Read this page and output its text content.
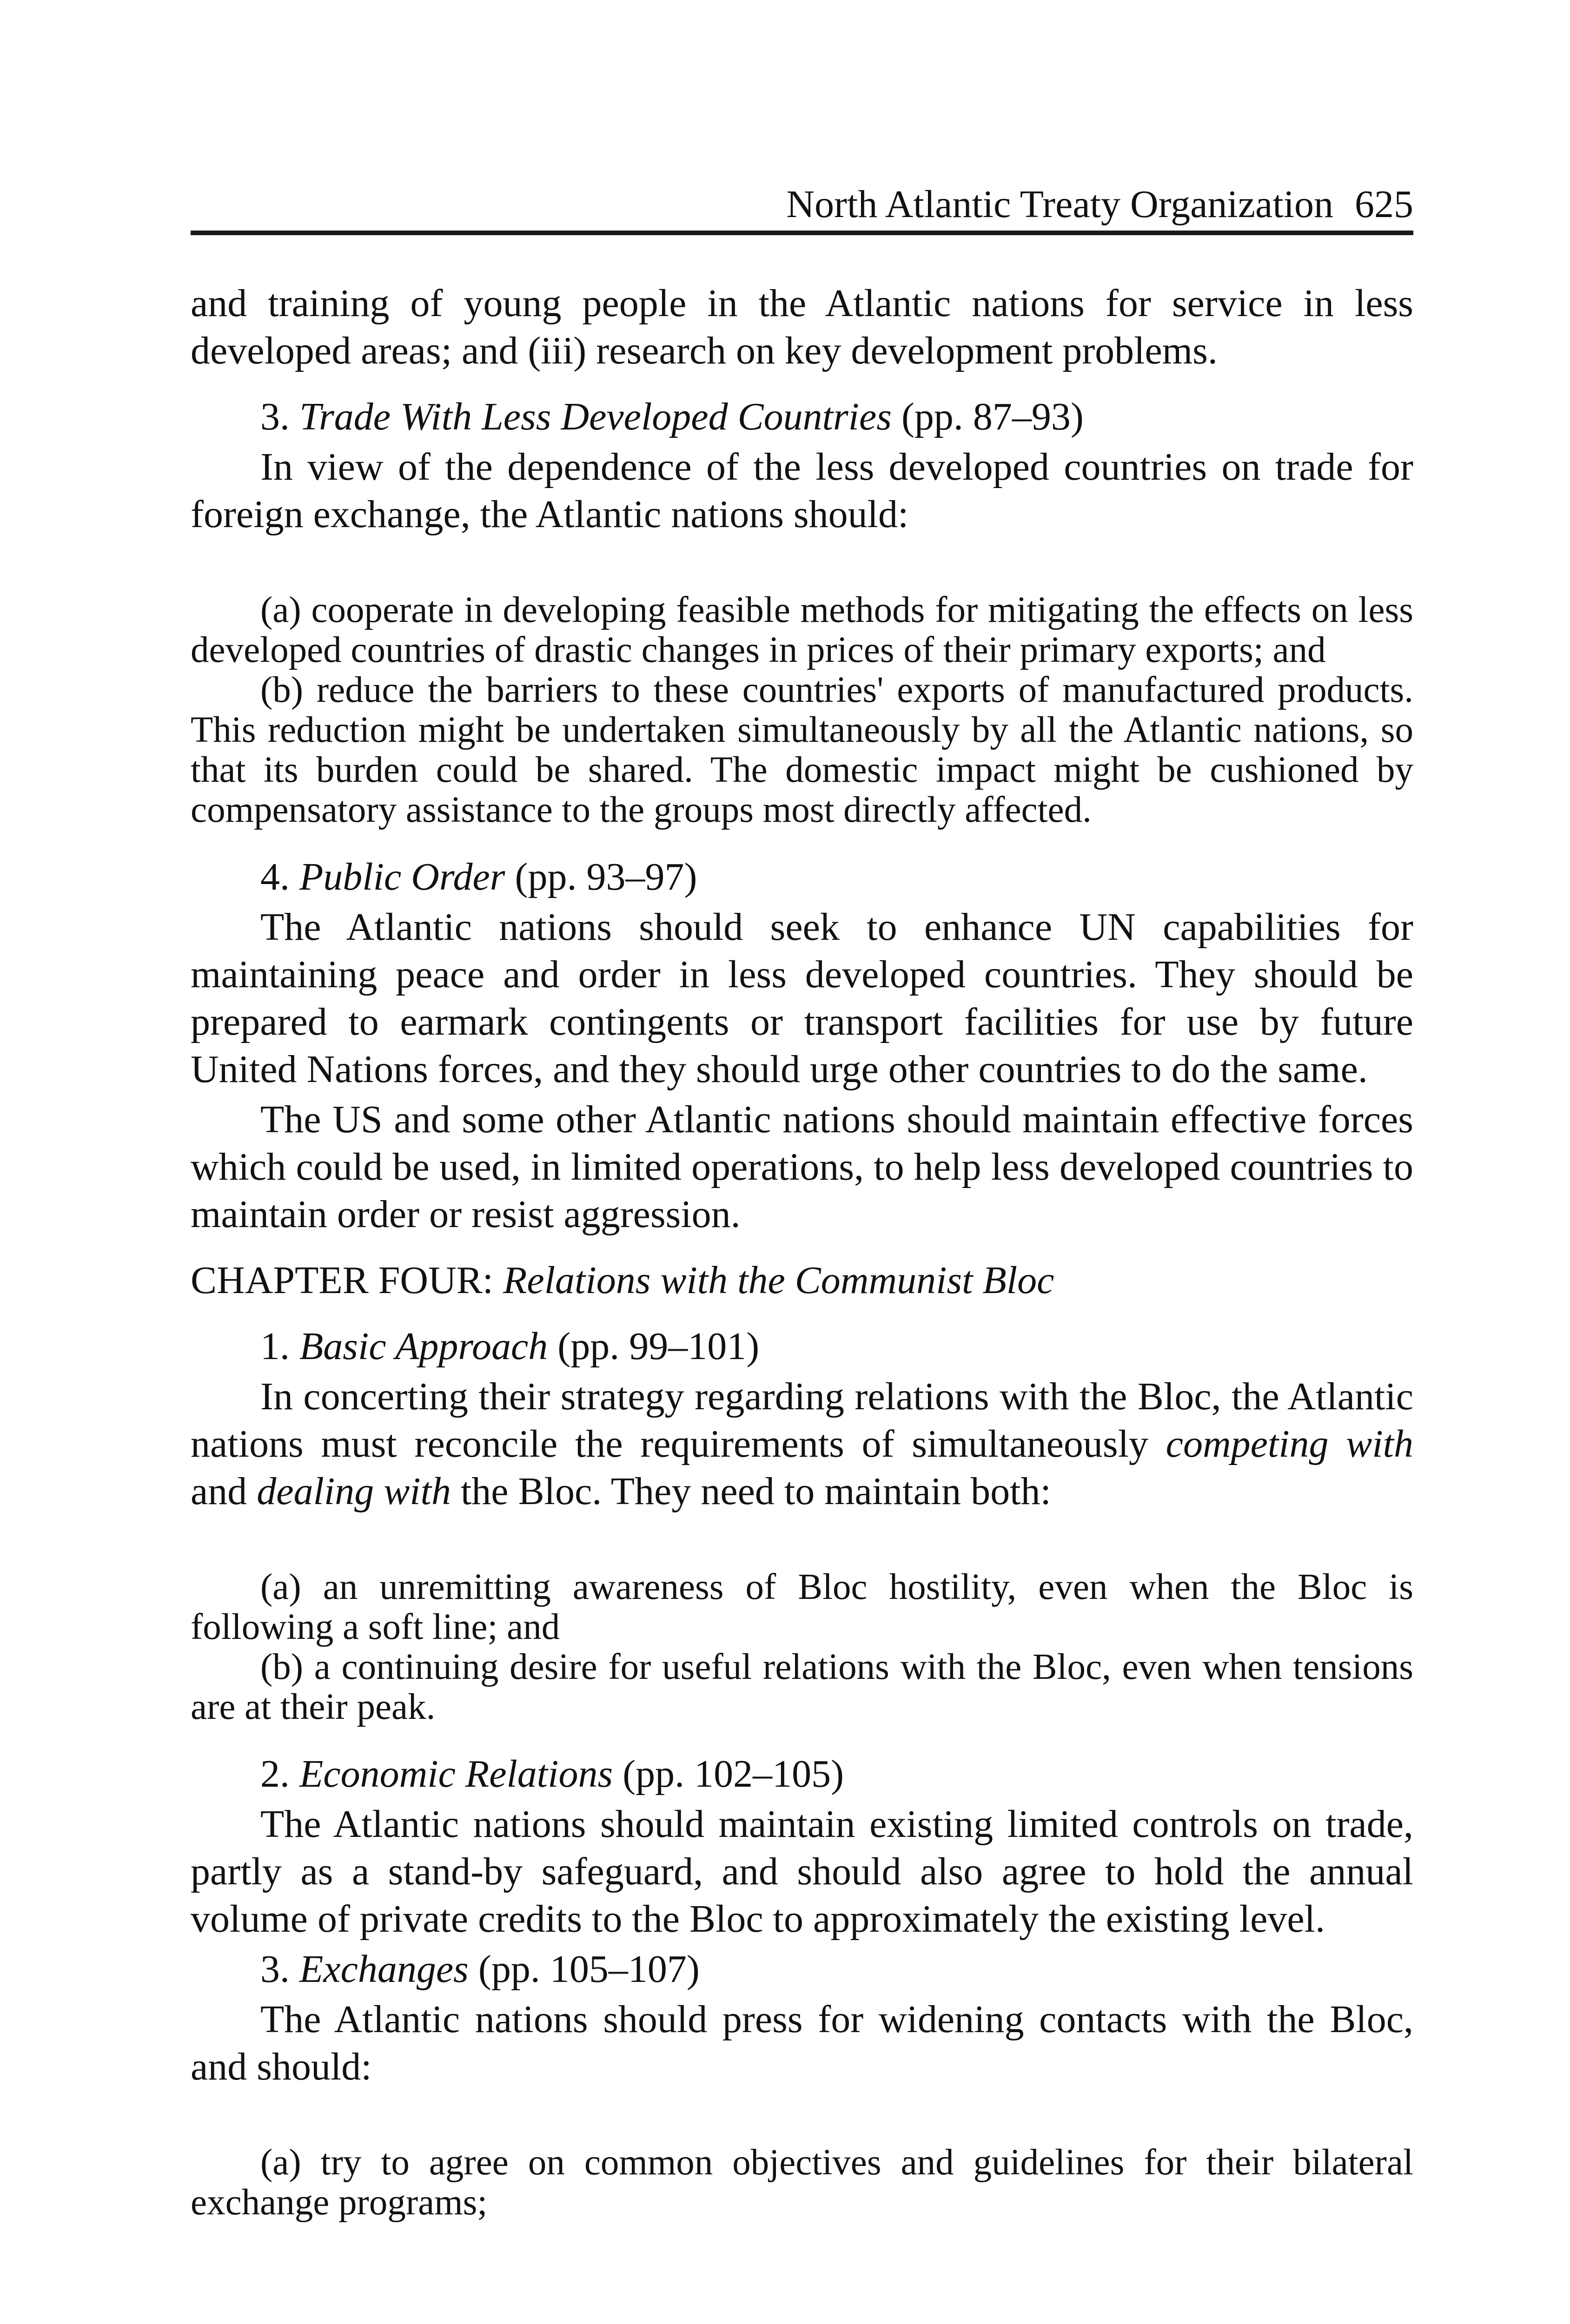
North Atlantic Treaty Organization 625

and training of young people in the Atlantic nations for service in less developed areas; and (iii) research on key development problems.

3. Trade With Less Developed Countries (pp. 87–93)

In view of the dependence of the less developed countries on trade for foreign exchange, the Atlantic nations should:

(a) cooperate in developing feasible methods for mitigating the effects on less developed countries of drastic changes in prices of their primary exports; and

(b) reduce the barriers to these countries' exports of manufactured products. This reduction might be undertaken simultaneously by all the Atlantic nations, so that its burden could be shared. The domestic impact might be cushioned by compensatory assistance to the groups most directly affected.

4. Public Order (pp. 93–97)

The Atlantic nations should seek to enhance UN capabilities for maintaining peace and order in less developed countries. They should be prepared to earmark contingents or transport facilities for use by future United Nations forces, and they should urge other countries to do the same.

The US and some other Atlantic nations should maintain effective forces which could be used, in limited operations, to help less developed countries to maintain order or resist aggression.

CHAPTER FOUR: Relations with the Communist Bloc

1. Basic Approach (pp. 99–101)

In concerting their strategy regarding relations with the Bloc, the Atlantic nations must reconcile the requirements of simultaneously competing with and dealing with the Bloc. They need to maintain both:

(a) an unremitting awareness of Bloc hostility, even when the Bloc is following a soft line; and

(b) a continuing desire for useful relations with the Bloc, even when tensions are at their peak.

2. Economic Relations (pp. 102–105)

The Atlantic nations should maintain existing limited controls on trade, partly as a stand-by safeguard, and should also agree to hold the annual volume of private credits to the Bloc to approximately the existing level.

3. Exchanges (pp. 105–107)

The Atlantic nations should press for widening contacts with the Bloc, and should:

(a) try to agree on common objectives and guidelines for their bilateral exchange programs;
